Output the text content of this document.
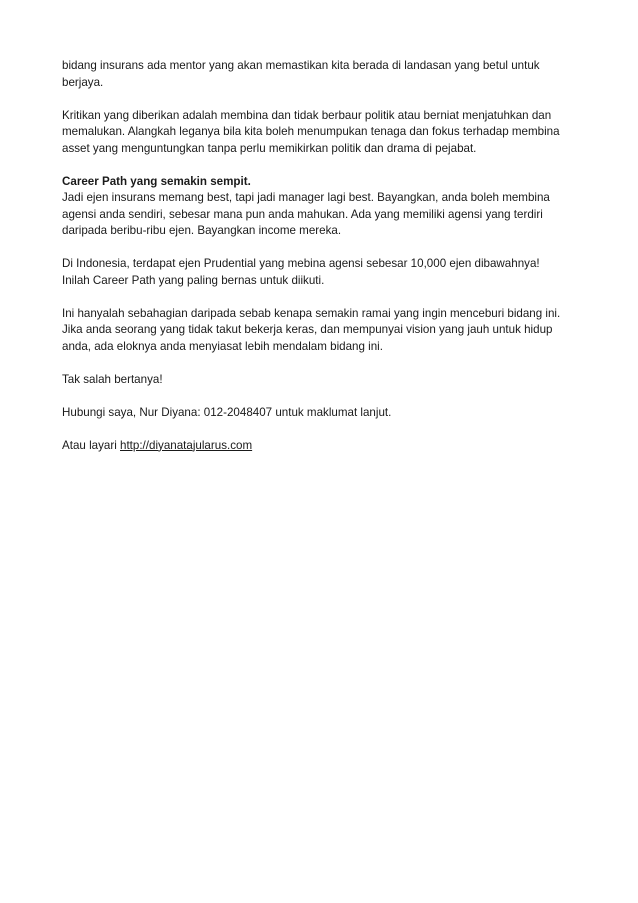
bidang insurans ada mentor yang akan memastikan kita berada di landasan yang betul untuk
berjaya.

Kritikan yang diberikan adalah membina dan tidak berbaur politik atau berniat menjatuhkan dan
memalukan. Alangkah leganya bila kita boleh menumpukan tenaga dan fokus terhadap membina
asset yang menguntungkan tanpa perlu memikirkan politik dan drama di pejabat.

Career Path yang semakin sempit.
Jadi ejen insurans memang best, tapi jadi manager lagi best. Bayangkan, anda boleh membina
agensi anda sendiri, sebesar mana pun anda mahukan. Ada yang memiliki agensi yang terdiri
daripada beribu-ribu ejen. Bayangkan income mereka.

Di Indonesia, terdapat ejen Prudential yang mebina agensi sebesar 10,000 ejen dibawahnya!
Inilah Career Path yang paling bernas untuk diikuti.

Ini hanyalah sebahagian daripada sebab kenapa semakin ramai yang ingin menceburi bidang ini.
Jika anda seorang yang tidak takut bekerja keras, dan mempunyai vision yang jauh untuk hidup
anda, ada eloknya anda menyiasat lebih mendalam bidang ini.

Tak salah bertanya!

Hubungi saya, Nur Diyana: 012-2048407 untuk maklumat lanjut.

Atau layari http://diyanatajularus.com
